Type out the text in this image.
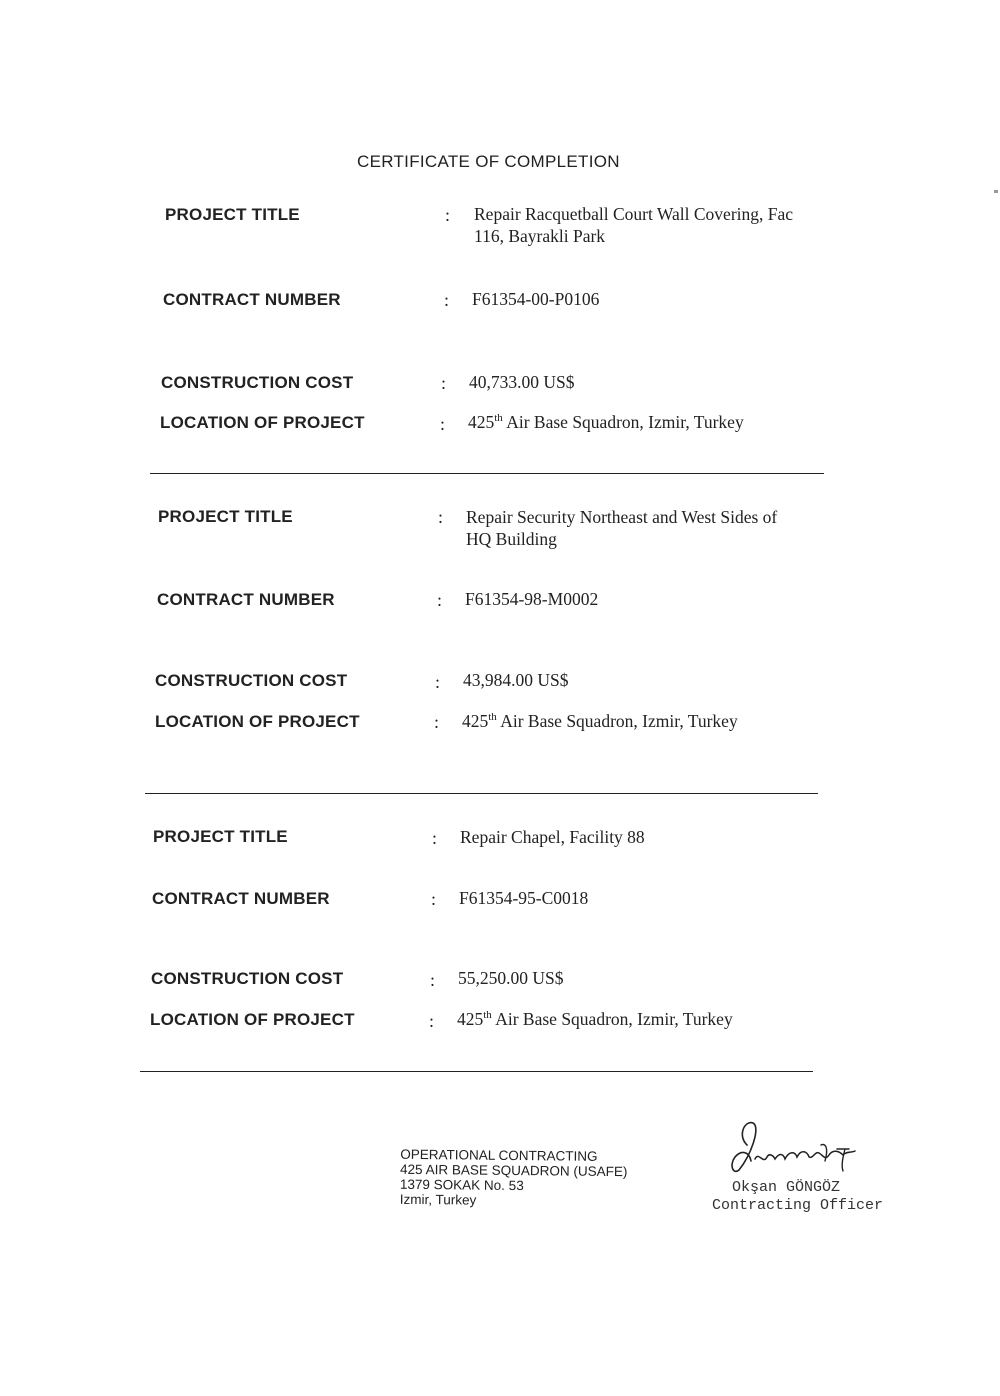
CERTIFICATE OF COMPLETION
PROJECT TITLE	: Repair Racquetball Court Wall Covering, Fac
116, Bayrakli Park
CONTRACT NUMBER	: F61354-00-P0106
CONSTRUCTION COST	: 40,733.00 US$
LOCATION OF PROJECT	: 425th Air Base Squadron, Izmir, Turkey
PROJECT TITLE	: Repair Security Northeast and West Sides of
HQ Building
CONTRACT NUMBER	: F61354-98-M0002
CONSTRUCTION COST	: 43,984.00 US$
LOCATION OF PROJECT	: 425th Air Base Squadron, Izmir, Turkey
PROJECT TITLE	: Repair Chapel, Facility 88
CONTRACT NUMBER	: F61354-95-C0018
CONSTRUCTION COST	: 55,250.00 US$
LOCATION OF PROJECT	: 425th Air Base Squadron, Izmir, Turkey
OPERATIONAL CONTRACTING
425 AIR BASE SQUADRON (USAFE)
1379 SOKAK No. 53
Izmir, Turkey
Okşan GÖNGÖZ
Contracting Officer
